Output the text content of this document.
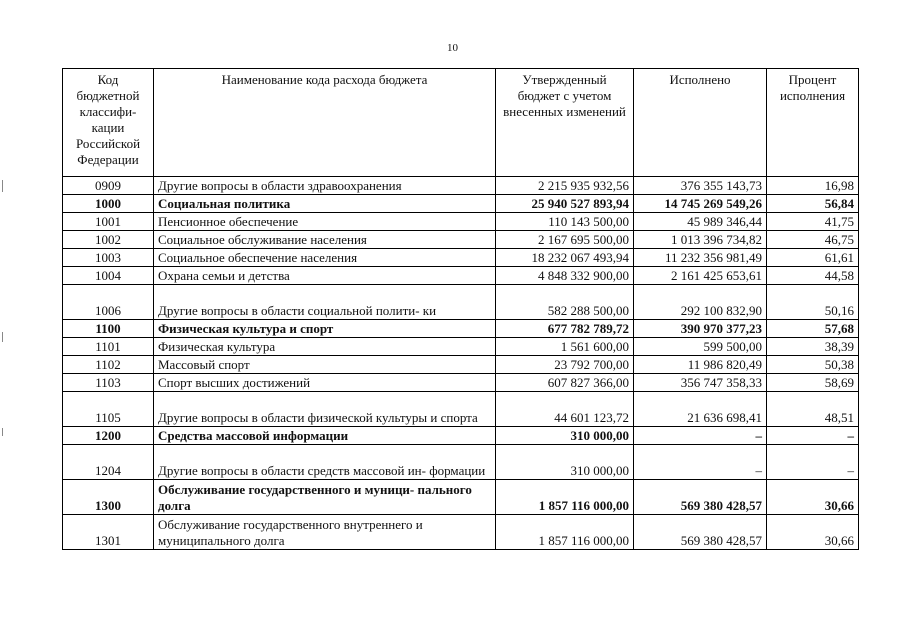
10
Код бюджетной классифи- кации Российской Федерации	Наименование кода расхода бюджета	Утвержденный бюджет с учетом внесенных изменений	Исполнено	Процент исполнения
0909	Другие вопросы в области здравоохранения	2 215 935 932,56	376 355 143,73	16,98
1000	Социальная политика	25 940 527 893,94	14 745 269 549,26	56,84
1001	Пенсионное обеспечение	110 143 500,00	45 989 346,44	41,75
1002	Социальное обслуживание населения	2 167 695 500,00	1 013 396 734,82	46,75
1003	Социальное обеспечение населения	18 232 067 493,94	11 232 356 981,49	61,61
1004	Охрана семьи и детства	4 848 332 900,00	2 161 425 653,61	44,58
1006	Другие вопросы в области социальной полити- ки	582 288 500,00	292 100 832,90	50,16
1100	Физическая культура и спорт	677 782 789,72	390 970 377,23	57,68
1101	Физическая культура	1 561 600,00	599 500,00	38,39
1102	Массовый спорт	23 792 700,00	11 986 820,49	50,38
1103	Спорт высших достижений	607 827 366,00	356 747 358,33	58,69
1105	Другие вопросы в области физической культуры и спорта	44 601 123,72	21 636 698,41	48,51
1200	Средства массовой информации	310 000,00	–	–
1204	Другие вопросы в области средств массовой ин- формации	310 000,00	–	–
1300	Обслуживание государственного и муници- пального долга	1 857 116 000,00	569 380 428,57	30,66
1301	Обслуживание государственного внутреннего и муниципального долга	1 857 116 000,00	569 380 428,57	30,66
